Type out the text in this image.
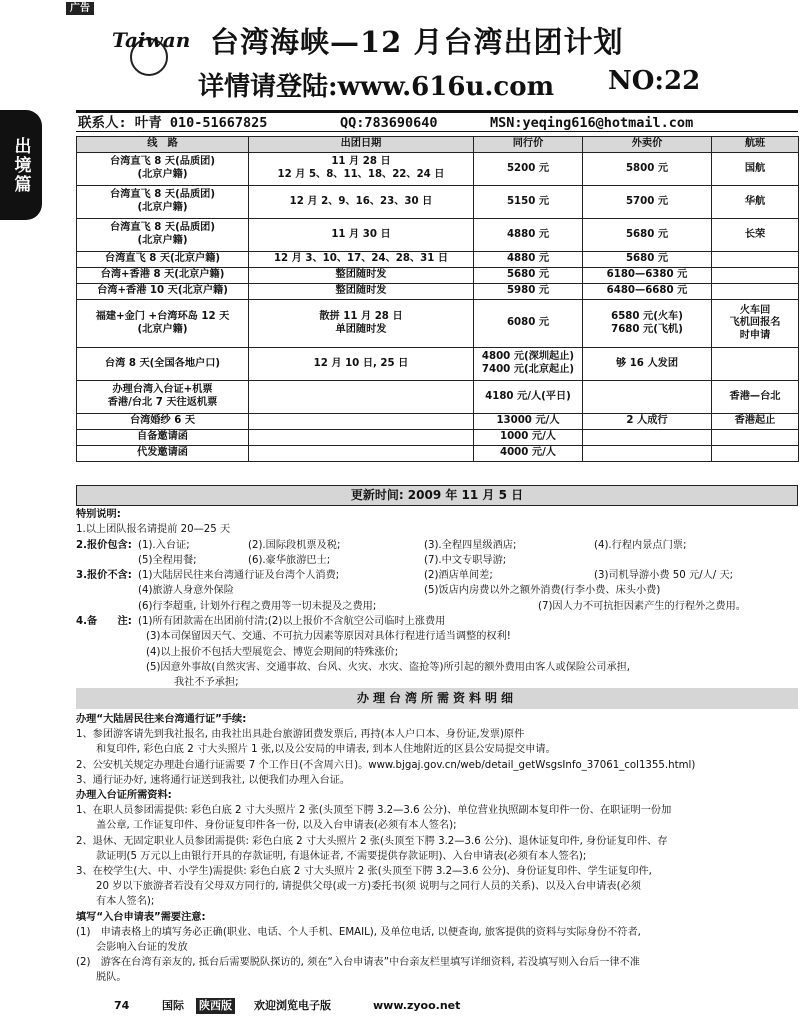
广告
出境篇
Taiwan 台湾海峡—12 月台湾出团计划
详情请登陆:www.616u.com NO:22
联系人: 叶青 010-51667825	QQ:783690640	MSN:yeqing616@hotmail.com
线　路	出团日期	同行价	外卖价	航班
台湾直飞 8 天(品质团)
(北京户籍)	11 月 28 日
12 月 5、8、11、18、22、24 日	5200 元	5800 元	国航
台湾直飞 8 天(品质团)
(北京户籍)	12 月 2、9、16、23、30 日	5150 元	5700 元	华航
台湾直飞 8 天(品质团)
(北京户籍)	11 月 30 日	4880 元	5680 元	长荣
台湾直飞 8 天(北京户籍)	12 月 3、10、17、24、28、31 日	4880 元	5680 元	
台湾+香港 8 天(北京户籍)	整团随时发	5680 元	6180—6380 元	
台湾+香港 10 天(北京户籍)	整团随时发	5980 元	6480—6680 元	
福建+金门 +台湾环岛 12 天
(北京户籍)	散拼 11 月 28 日
单团随时发	6080 元	6580 元(火车)
7680 元(飞机)	火车回
飞机回报名
时申请
台湾 8 天(全国各地户口)	12 月 10 日, 25 日	4800 元(深圳起止)
7400 元(北京起止)	够 16 人发团	
办理台湾入台证+机票
香港/台北 7 天往返机票		4180 元/人(平日)		香港—台北
台湾婚纱 6 天		13000 元/人	2 人成行	香港起止
自备邀请函		1000 元/人		
代发邀请函		4000 元/人		
更新时间: 2009 年 11 月 5 日
特别说明:
1.以上团队报名请提前 20—25 天
2.报价包含: (1).入台证;	(2).国际段机票及税;	(3).全程四星级酒店;	(4).行程内景点门票;
(5)全程用餐;	(6).豪华旅游巴士;	(7).中文专职导游;
3.报价不含: (1)大陆居民往来台湾通行证及台湾个人消费;	(2)酒店单间差;	(3)司机导游小费 50 元/人/ 天;
(4)旅游人身意外保险	(5)饭店内房费以外之额外消费(行李小费、床头小费)
(6)行李超重, 计划外行程之费用等一切未提及之费用;	(7)因人力不可抗拒因素产生的行程外之费用。
4.备　　注: (1)所有团款需在出团前付清;(2)以上报价不含航空公司临时上涨费用
(3)本司保留因天气、交通、不可抗力因素等原因对具体行程进行适当调整的权利!
(4)以上报价不包括大型展览会、博览会期间的特殊涨价;
(5)因意外事故(自然灾害、交通事故、台风、火灾、水灾、盗抢等)所引起的额外费用由客人或保险公司承担,
我社不予承担;
办理台湾所需资料明细

办理“大陆居民往来台湾通行证”手续:

1、参团游客请先到我社报名, 由我社出具赴台旅游团费发票后, 再持(本人户口本、身份证,发票)原件

和复印件, 彩色白底 2 寸大头照片 1 张,以及公安局的申请表, 到本人住地附近的区县公安局提交申请。

2、公安机关规定办理赴台通行证需要 7 个工作日(不含周六日)。www.bjgaj.gov.cn/web/detail_getWsgsInfo_37061_col1355.html)

3、通行证办好, 速将通行证送到我社, 以便我们办理入台证。

办理入台证所需资料:

1、在职人员参团需提供: 彩色白底 2 寸大头照片 2 张(头顶至下腭 3.2—3.6 公分)、单位营业执照副本复印件一份、在职证明一份加

盖公章, 工作证复印件、身份证复印件各一份, 以及入台申请表(必须有本人签名);

2、退休、无固定职业人员参团需提供: 彩色白底 2 寸大头照片 2 张(头顶至下腭 3.2—3.6 公分)、退休证复印件, 身份证复印件、存

款证明(5 万元以上由银行开具的存款证明, 有退休证者, 不需要提供存款证明)、入台申请表(必须有本人签名);

3、在校学生(大、中、小学生)需提供: 彩色白底 2 寸大头照片 2 张(头顶至下腭 3.2—3.6 公分)、身份证复印件、学生证复印件,

20 岁以下旅游者若没有父母双方同行的, 请提供父母(或一方)委托书(须 说明与之同行人员的关系)、以及入台申请表(必须

有本人签名);

填写“入台申请表”需要注意:

(1)　申请表格上的填写务必正确(职业、电话、个人手机、EMAIL), 及单位电话, 以便查询, 旅客提供的资料与实际身份不符者,

会影响入台证的发放

(2)　游客在台湾有亲友的, 抵台后需要脱队探访的, 须在“入台申请表”中台亲友栏里填写详细资料, 若没填写则入台后一律不准

脱队。

74	国际 陕西版 欢迎浏览电子版	www.zyoo.net
